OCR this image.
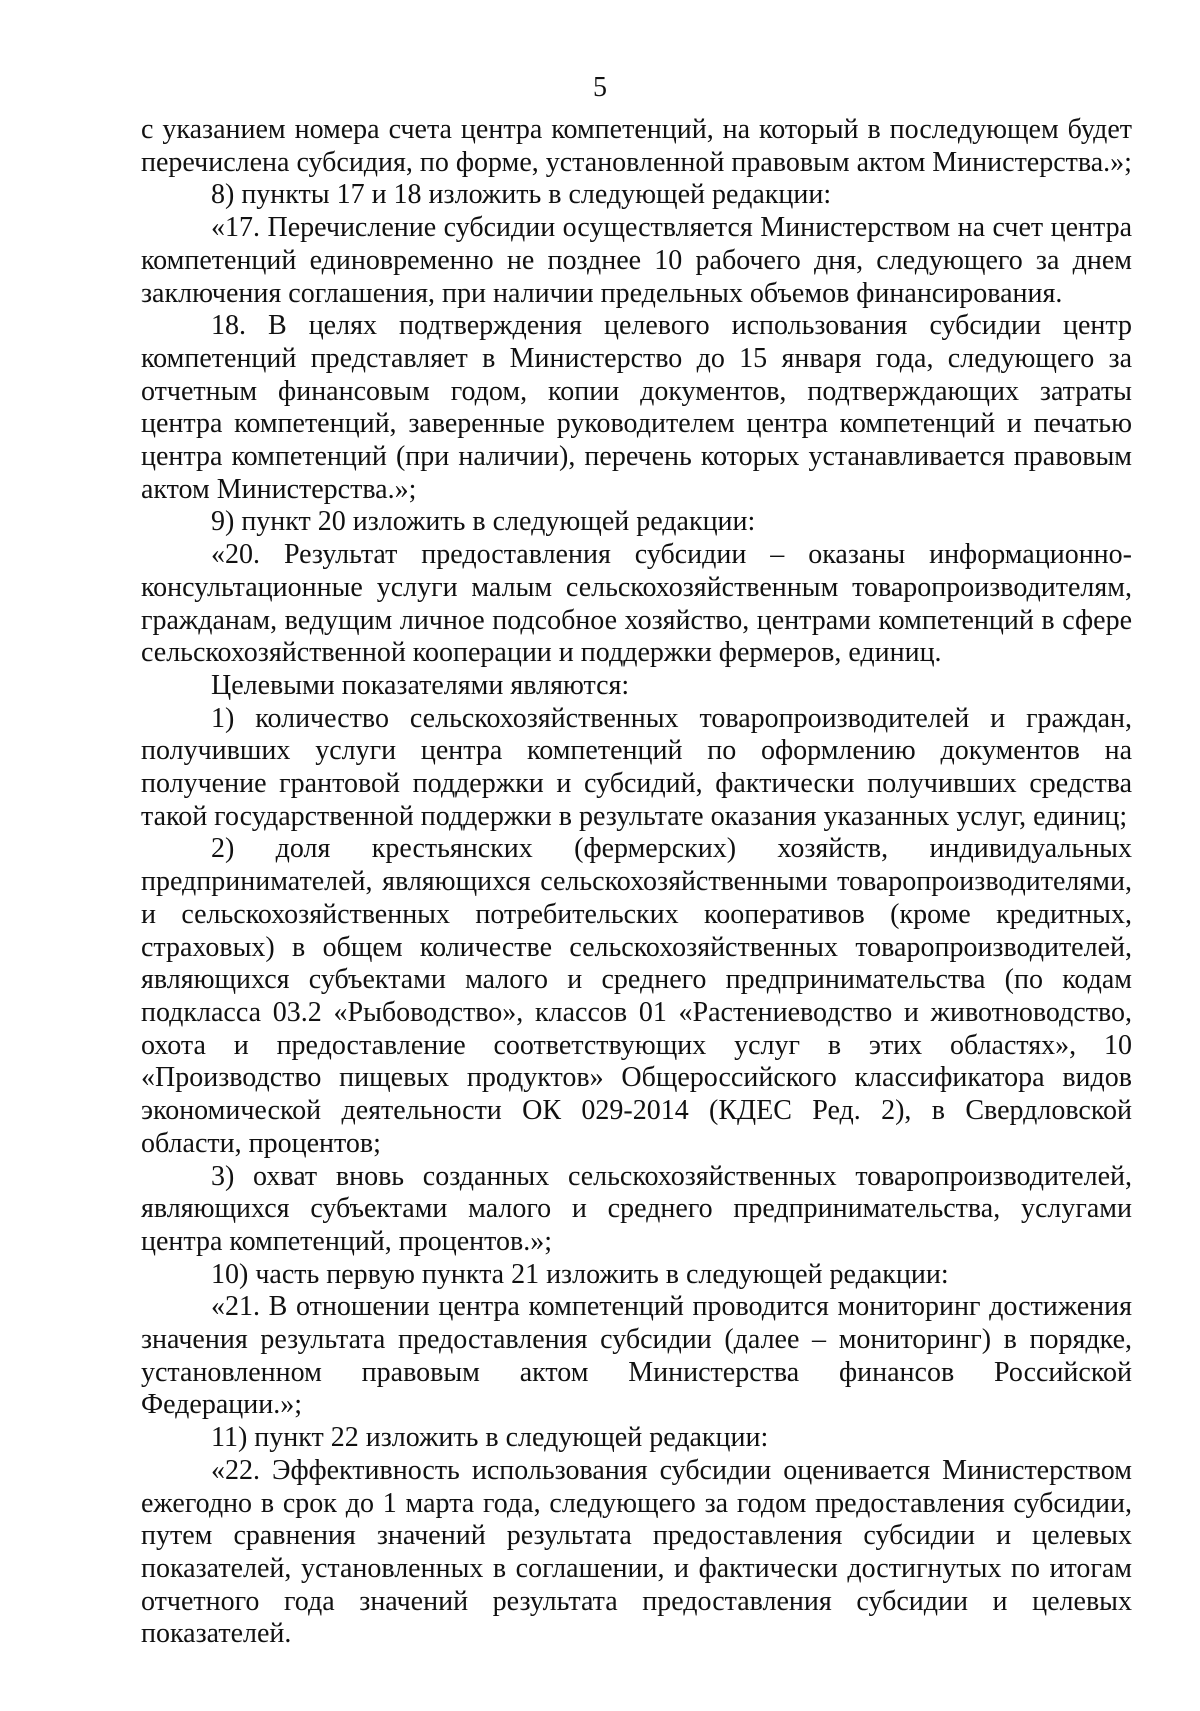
5

с указанием номера счета центра компетенций, на который в последующем будет перечислена субсидия, по форме, установленной правовым актом Министерства.»;

8) пункты 17 и 18 изложить в следующей редакции:

«17. Перечисление субсидии осуществляется Министерством на счет центра компетенций единовременно не позднее 10 рабочего дня, следующего за днем заключения соглашения, при наличии предельных объемов финансирования.

18. В целях подтверждения целевого использования субсидии центр компетенций представляет в Министерство до 15 января года, следующего за отчетным финансовым годом, копии документов, подтверждающих затраты центра компетенций, заверенные руководителем центра компетенций и печатью центра компетенций (при наличии), перечень которых устанавливается правовым актом Министерства.»;

9) пункт 20 изложить в следующей редакции:

«20. Результат предоставления субсидии – оказаны информационно-консультационные услуги малым сельскохозяйственным товаропроизводителям, гражданам, ведущим личное подсобное хозяйство, центрами компетенций в сфере сельскохозяйственной кооперации и поддержки фермеров, единиц.

Целевыми показателями являются:

1) количество сельскохозяйственных товаропроизводителей и граждан, получивших услуги центра компетенций по оформлению документов на получение грантовой поддержки и субсидий, фактически получивших средства такой государственной поддержки в результате оказания указанных услуг, единиц;

2) доля крестьянских (фермерских) хозяйств, индивидуальных предпринимателей, являющихся сельскохозяйственными товаропроизводителями, и сельскохозяйственных потребительских кооперативов (кроме кредитных, страховых) в общем количестве сельскохозяйственных товаропроизводителей, являющихся субъектами малого и среднего предпринимательства (по кодам подкласса 03.2 «Рыбоводство», классов 01 «Растениеводство и животноводство, охота и предоставление соответствующих услуг в этих областях», 10 «Производство пищевых продуктов» Общероссийского классификатора видов экономической деятельности ОК 029-2014 (КДЕС Ред. 2), в Свердловской области, процентов;

3) охват вновь созданных сельскохозяйственных товаропроизводителей, являющихся субъектами малого и среднего предпринимательства, услугами центра компетенций, процентов.»;

10) часть первую пункта 21 изложить в следующей редакции:

«21. В отношении центра компетенций проводится мониторинг достижения значения результата предоставления субсидии (далее – мониторинг) в порядке, установленном правовым актом Министерства финансов Российской Федерации.»;

11) пункт 22 изложить в следующей редакции:

«22. Эффективность использования субсидии оценивается Министерством ежегодно в срок до 1 марта года, следующего за годом предоставления субсидии, путем сравнения значений результата предоставления субсидии и целевых показателей, установленных в соглашении, и фактически достигнутых по итогам отчетного года значений результата предоставления субсидии и целевых показателей.
